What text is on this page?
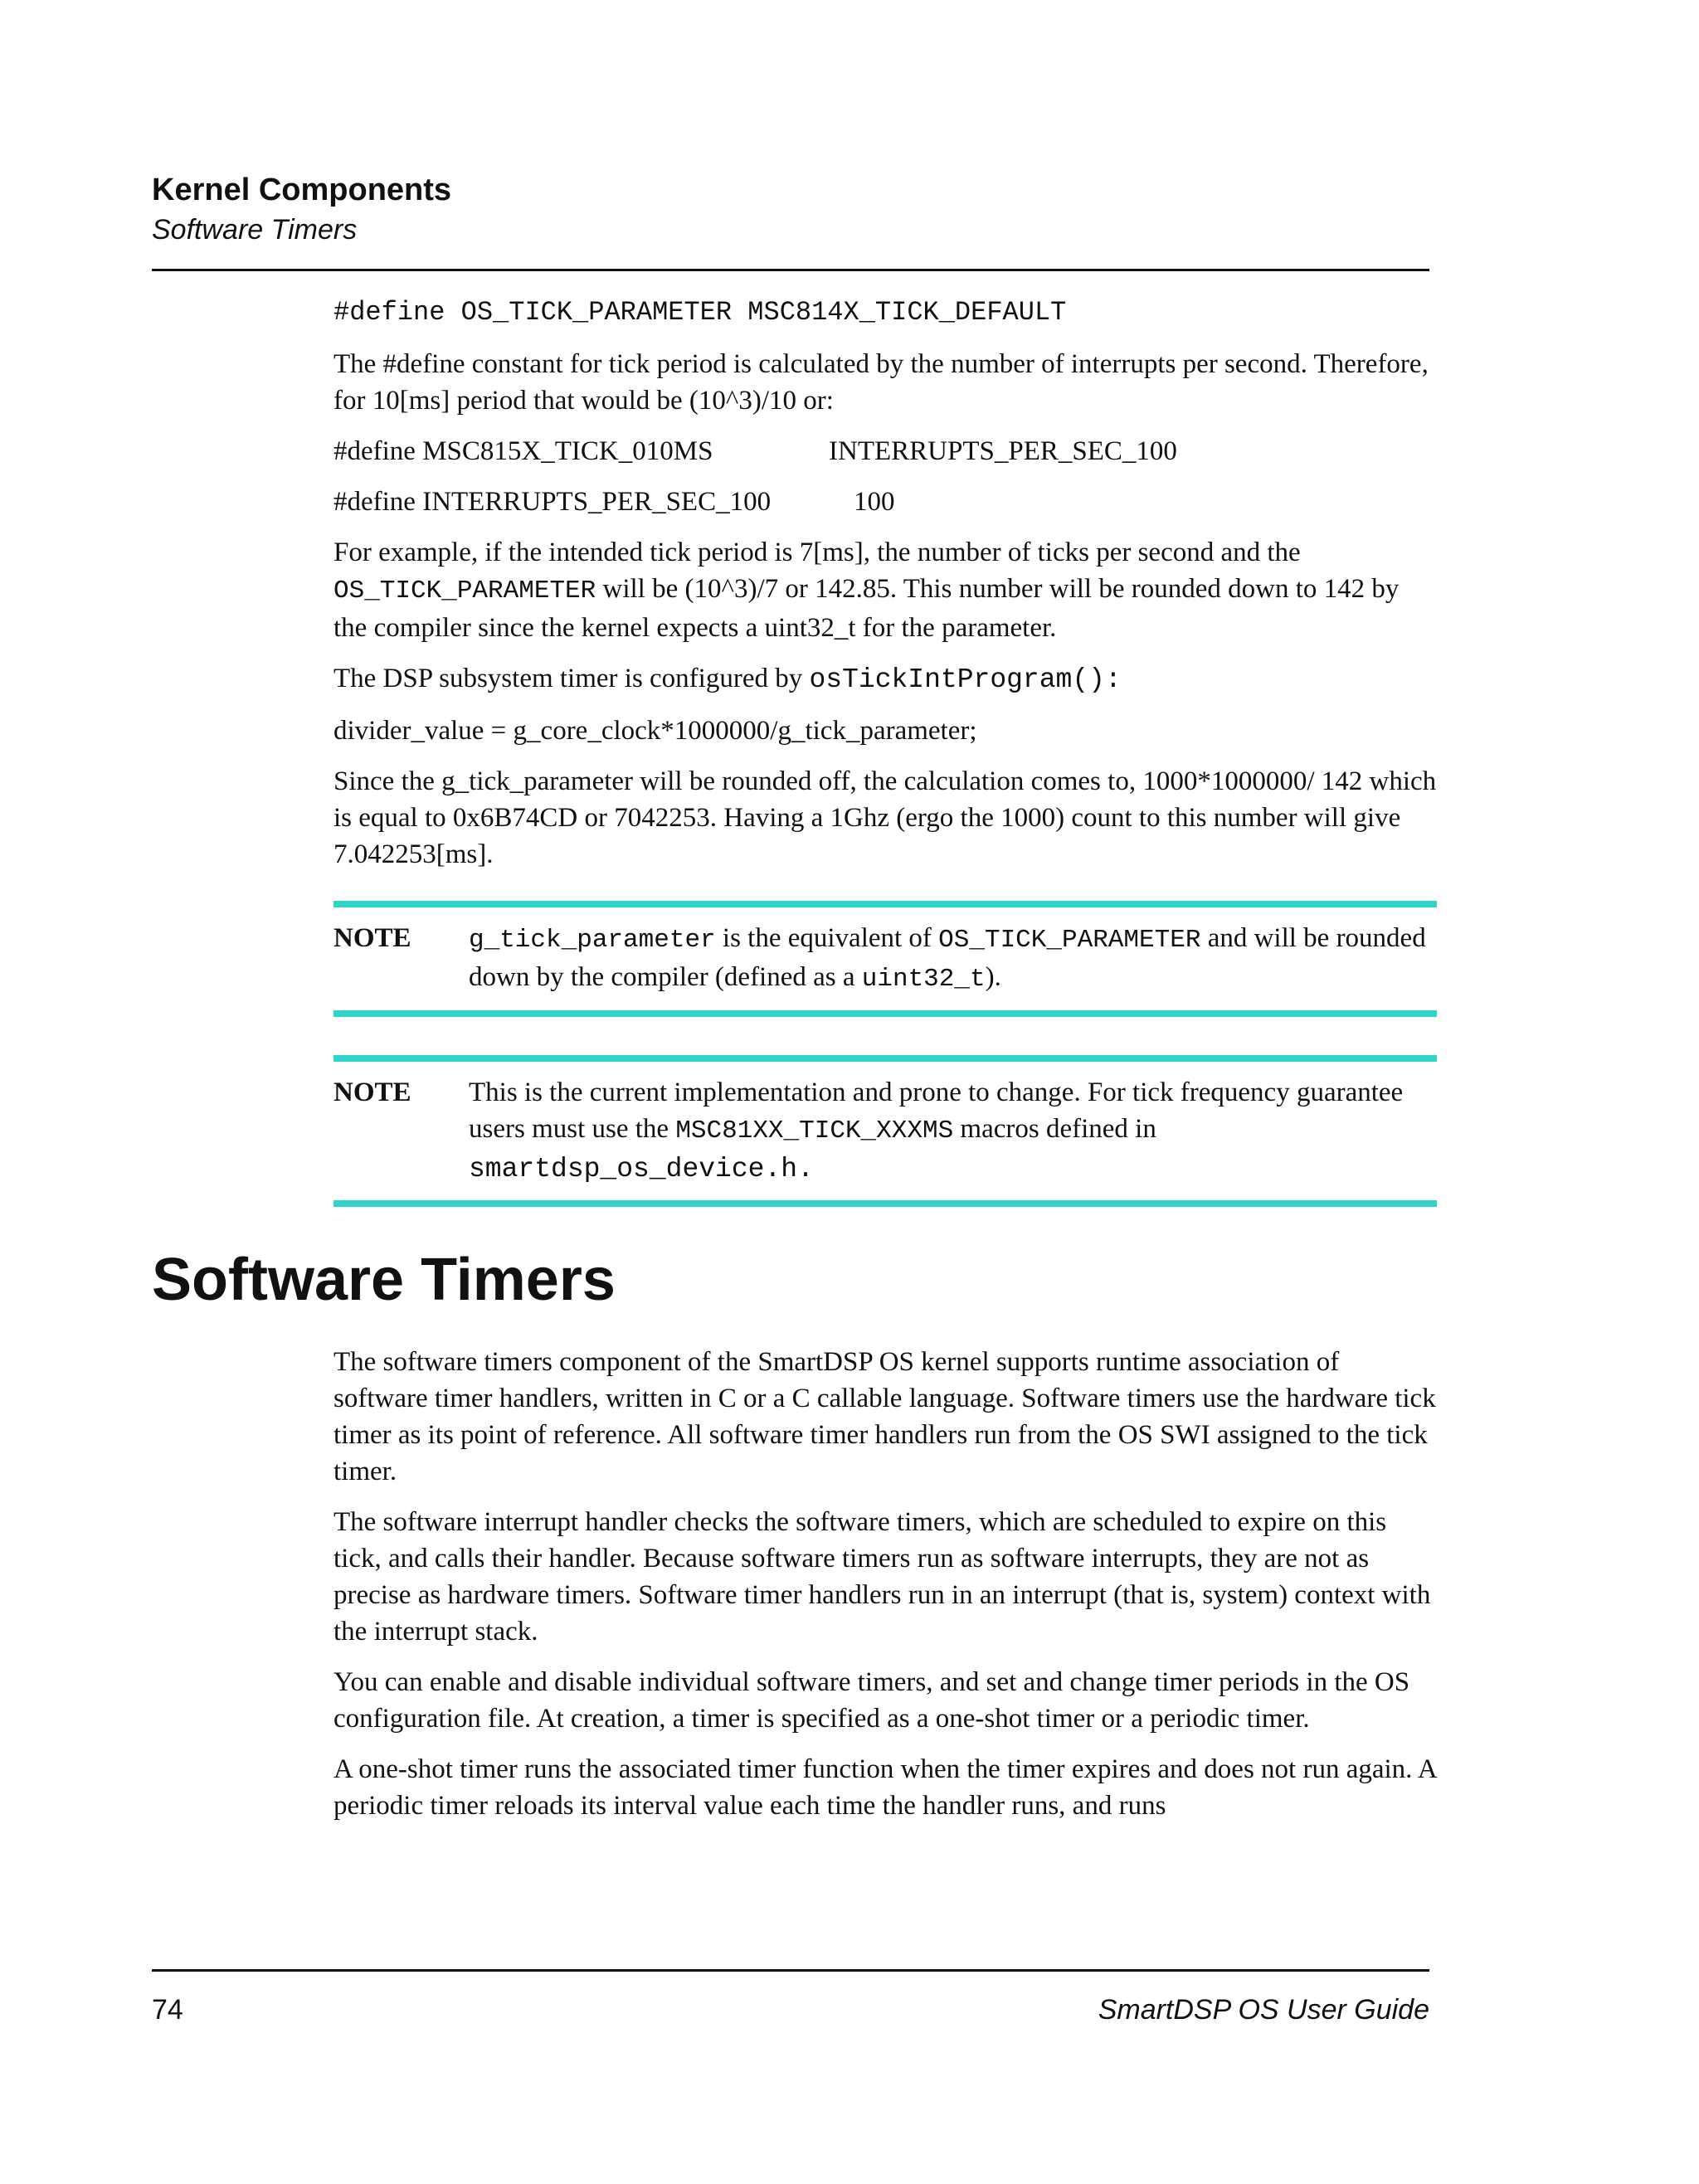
Kernel Components
Software Timers

#define OS_TICK_PARAMETER MSC814X_TICK_DEFAULT

The #define constant for tick period is calculated by the number of interrupts per second. Therefore, for 10[ms] period that would be (10^3)/10 or:

#define MSC815X_TICK_010MS	INTERRUPTS_PER_SEC_100
#define INTERRUPTS_PER_SEC_100	100

For example, if the intended tick period is 7[ms], the number of ticks per second and the OS_TICK_PARAMETER will be (10^3)/7 or 142.85. This number will be rounded down to 142 by the compiler since the kernel expects a uint32_t for the parameter.

The DSP subsystem timer is configured by osTickIntProgram():

divider_value = g_core_clock*1000000/g_tick_parameter;

Since the g_tick_parameter will be rounded off, the calculation comes to, 1000*1000000/ 142 which is equal to 0x6B74CD or 7042253. Having a 1Ghz (ergo the 1000) count to this number will give 7.042253[ms].

NOTE	g_tick_parameter is the equivalent of OS_TICK_PARAMETER and will be rounded down by the compiler (defined as a uint32_t).
NOTE	This is the current implementation and prone to change. For tick frequency guarantee users must use the MSC81XX_TICK_XXXMS macros defined in smartdsp_os_device.h.
Software Timers

The software timers component of the SmartDSP OS kernel supports runtime association of software timer handlers, written in C or a C callable language. Software timers use the hardware tick timer as its point of reference. All software timer handlers run from the OS SWI assigned to the tick timer.

The software interrupt handler checks the software timers, which are scheduled to expire on this tick, and calls their handler. Because software timers run as software interrupts, they are not as precise as hardware timers. Software timer handlers run in an interrupt (that is, system) context with the interrupt stack.

You can enable and disable individual software timers, and set and change timer periods in the OS configuration file. At creation, a timer is specified as a one-shot timer or a periodic timer.

A one-shot timer runs the associated timer function when the timer expires and does not run again. A periodic timer reloads its interval value each time the handler runs, and runs

74	SmartDSP OS User Guide
